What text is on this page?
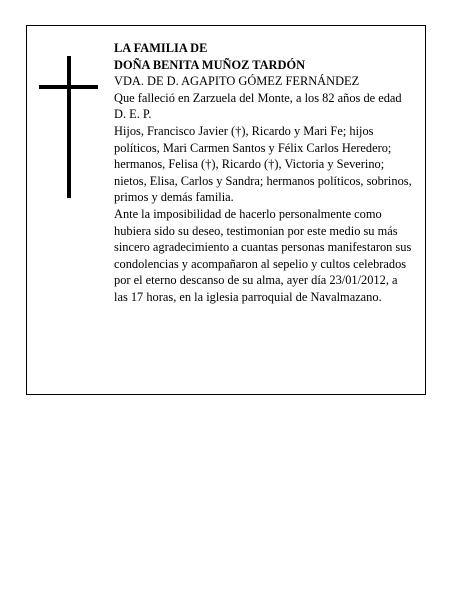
LA FAMILIA DE

DOÑA BENITA MUÑOZ TARDÓN

VDA. DE D. AGAPITO GÓMEZ FERNÁNDEZ

Que falleció en Zarzuela del Monte, a los 82 años de edad

D. E. P.

Hijos, Francisco Javier (†), Ricardo y Mari Fe; hijos políticos, Mari Carmen Santos y Félix Carlos Heredero; hermanos, Felisa (†), Ricardo (†), Victoria y Severino; nietos, Elisa, Carlos y Sandra; hermanos políticos, sobrinos, primos y demás familia.

Ante la imposibilidad de hacerlo personalmente como hubiera sido su deseo, testimonian por este medio su más sincero agradecimiento a cuantas personas manifestaron sus condolencias y acompañaron al sepelio y cultos celebrados por el eterno descanso de su alma, ayer día 23/01/2012, a las 17 horas, en la iglesia parroquial de Navalmazano.
